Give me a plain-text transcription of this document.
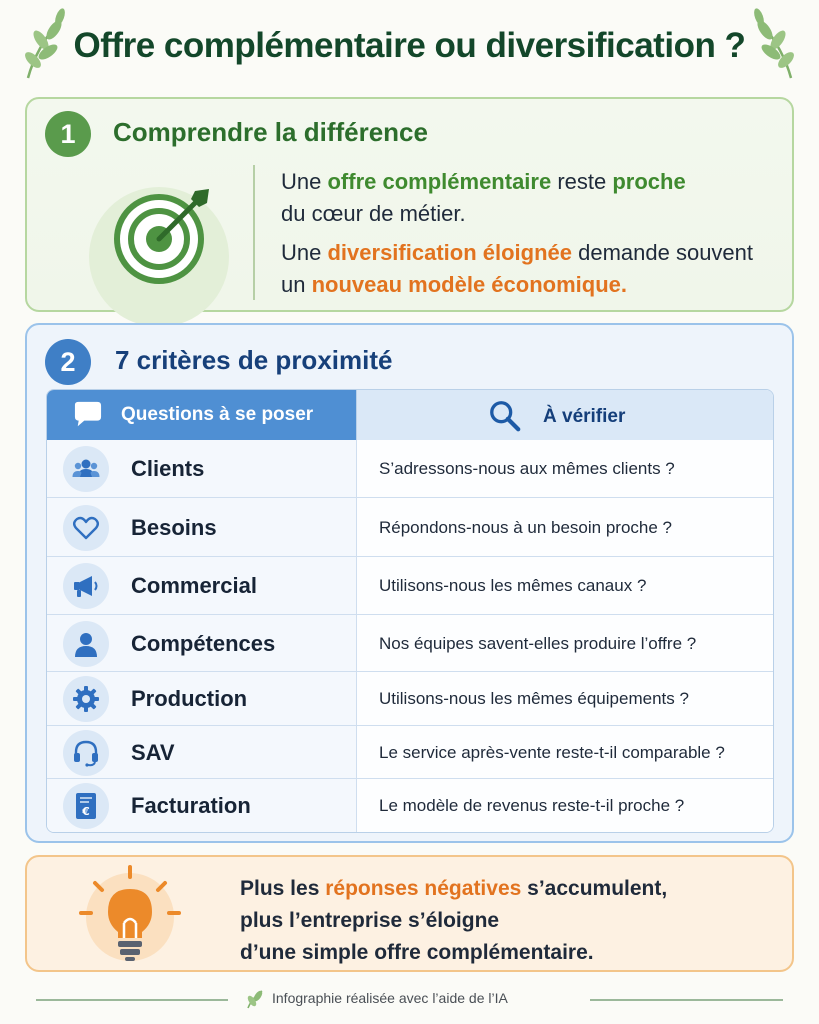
Offre complémentaire ou diversification ?
1	Comprendre la différence
Une offre complémentaire reste proche
du cœur de métier.
Une diversification éloignée demande souvent
un nouveau modèle économique.
2	7 critères de proximité
Questions à se poser	À vérifier
Clients	S’adressons-nous aux mêmes clients ?
Besoins	Répondons-nous à un besoin proche ?
Commercial	Utilisons-nous les mêmes canaux ?
Compétences	Nos équipes savent-elles produire l’offre ?
Production	Utilisons-nous les mêmes équipements ?
SAV	Le service après-vente reste-t-il comparable ?
€ Facturation	Le modèle de revenus reste-t-il proche ?
Plus les réponses négatives s’accumulent,
plus l’entreprise s’éloigne
d’une simple offre complémentaire.
Infographie réalisée avec l’aide de l’IA
